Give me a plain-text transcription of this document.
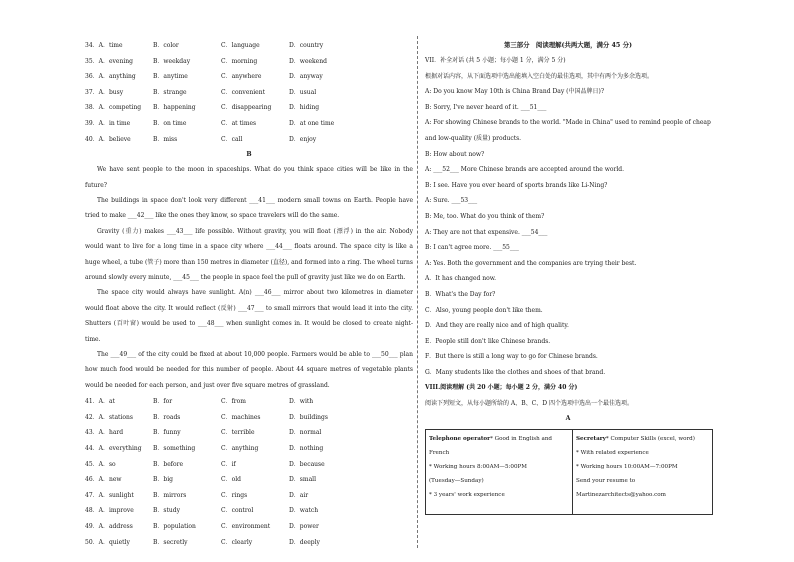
34．A．time	B．color	C．language	D．country
35．A．evening	B．weekday	C．morning	D．weekend
36．A．anything	B．anytime	C．anywhere	D．anyway
37．A．busy	B．strange	C．convenient	D．usual
38．A．competing	B．happening	C．disappearing	D．hiding
39．A．in time	B．on time	C．at times	D．at one time
40．A．believe	B．miss	C．call	D．enjoy
B

We have sent people to the moon in spaceships. What do you think space cities will be like in the future?

The buildings in space don't look very different ___41___ modern small towns on Earth. People have tried to make ___42___ like the ones they know, so space travelers will do the same.

Gravity (重力) makes ___43___ life possible. Without gravity, you will float (漂浮) in the air. Nobody would want to live for a long time in a space city where ___44___ floats around. The space city is like a huge wheel, a tube (管子) more than 150 metres in diameter (直径), and formed into a ring. The wheel turns around slowly every minute, ___45___ the people in space feel the pull of gravity just like we do on Earth.

The space city would always have sunlight. A(n) ___46___ mirror about two kilometres in diameter would float above the city. It would reflect (反射) ___47___ to small mirrors that would lead it into the city. Shutters (百叶窗) would be used to ___48___ when sunlight comes in. It would be closed to create night-time.

The ___49___ of the city could be fixed at about 10,000 people. Farmers would be able to ___50___ plan how much food would be needed for this number of people. About 44 square metres of vegetable plants would be needed for each person, and just over five square metres of grassland.

41．A．at	B．for	C．from	D．with
42．A．stations	B．roads	C．machines	D．buildings
43．A．hard	B．funny	C．terrible	D．normal
44．A．everything	B．something	C．anything	D．nothing
45．A．so	B．before	C．if	D．because
46．A．new	B．big	C．old	D．small
47．A．sunlight	B．mirrors	C．rings	D．air
48．A．improve	B．study	C．control	D．watch
49．A．address	B．population	C．environment	D．power
50．A．quietly	B．secretly	C．clearly	D．deeply
第三部分　阅读理解(共两大题，满分 45 分)
VII．补全对话 (共 5 小题；每小题 1 分，满分 5 分)
根据对话内容，从下面选项中选出能填入空白处的最佳选项，其中有两个为多余选项。
A: Do you know May 10th is China Brand Day (中国品牌日)?
B: Sorry, I've never heard of it. ___51___
A: For showing Chinese brands to the world. "Made in China" used to remind people of cheap and low-quality (质量) products.
B: How about now?
A: ___52___ More Chinese brands are accepted around the world.
B: I see. Have you ever heard of sports brands like Li-Ning?
A: Sure. ___53___
B: Me, too. What do you think of them?
A: They are not that expensive. ___54___
B: I can't agree more. ___55___
A: Yes. Both the government and the companies are trying their best.
A．It has changed now.
B．What's the Day for?
C．Also, young people don't like them.
D．And they are really nice and of high quality.
E．People still don't like Chinese brands.
F．But there is still a long way to go for Chinese brands.
G．Many students like the clothes and shoes of that brand.
VIII.阅读理解 (共 20 小题；每小题 2 分，满分 40 分)
阅读下列短文，从每小题所给的 A、B、C、D 四个选项中选出一个最佳选项。
A
Telephone operator* Good in English and French
* Working hours 8:00AM—5:00PM
(Tuesday—Sunday)
* 3 years' work experience
Secretary* Computer Skills (excel, word)
* With related experience
* Working hours 10:00AM—7:00PM
Send your resume to Martinezarchitects@yahoo.com
